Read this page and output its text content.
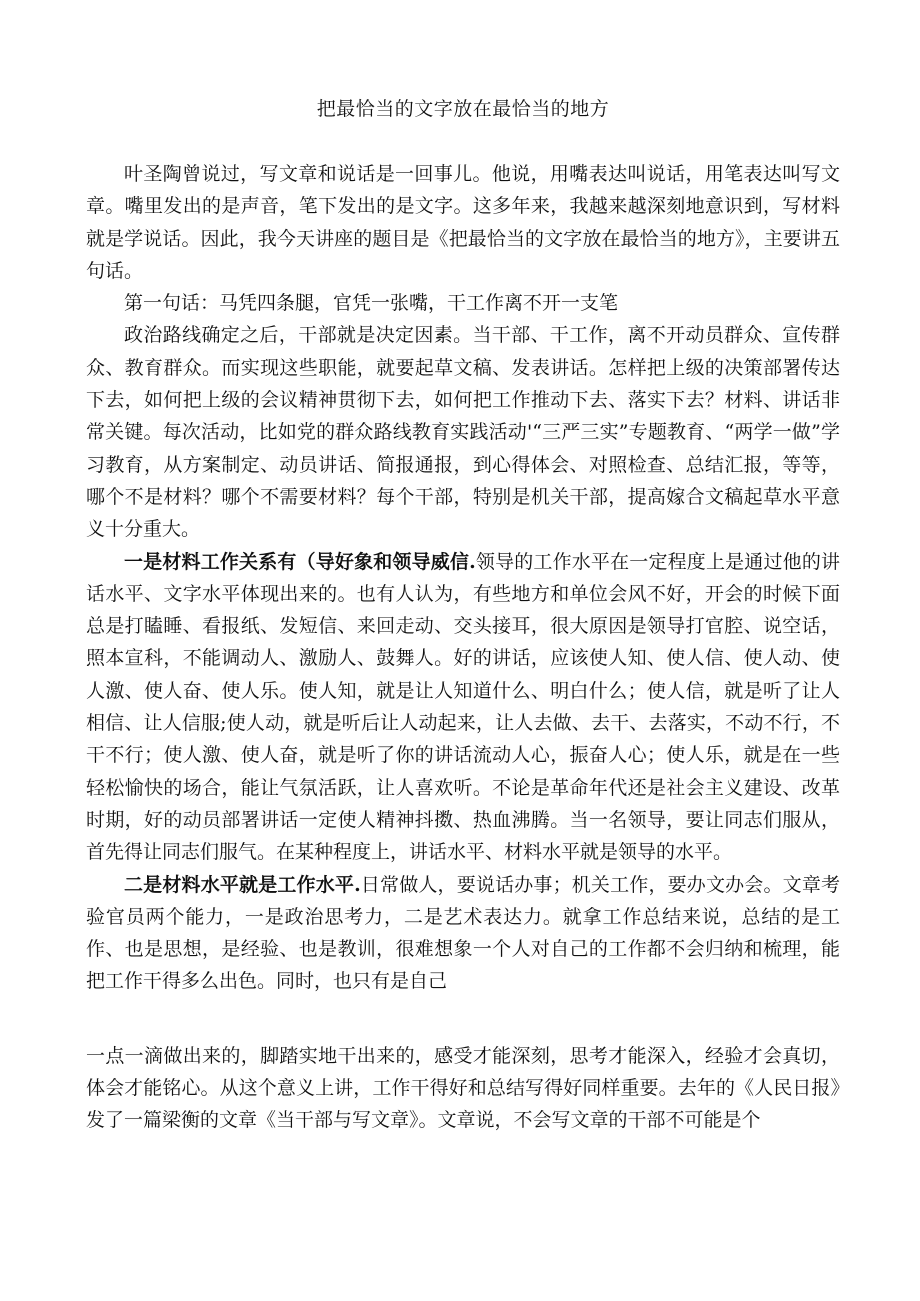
把最恰当的文字放在最恰当的地方

叶圣陶曾说过，写文章和说话是一回事儿。他说，用嘴表达叫说话，用笔表达叫写文章。嘴里发出的是声音，笔下发出的是文字。这多年来，我越来越深刻地意识到，写材料就是学说话。因此，我今天讲座的题目是《把最恰当的文字放在最恰当的地方》，主要讲五句话。

第一句话：马凭四条腿，官凭一张嘴，干工作离不开一支笔

政治路线确定之后，干部就是决定因素。当干部、干工作，离不开动员群众、宣传群众、教育群众。而实现这些职能，就要起草文稿、发表讲话。怎样把上级的决策部署传达下去，如何把上级的会议精神贯彻下去，如何把工作推动下去、落实下去？材料、讲话非常关键。每次活动，比如党的群众路线教育实践活动'“三严三实”专题教育、“两学一做”学习教育，从方案制定、动员讲话、简报通报，到心得体会、对照检查、总结汇报，等等，哪个不是材料？哪个不需要材料？每个干部，特别是机关干部，提高嫁合文稿起草水平意义十分重大。

一是材料工作关系有（导好象和领导威信.领导的工作水平在一定程度上是通过他的讲话水平、文字水平体现出来的。也有人认为，有些地方和单位会风不好，开会的时候下面总是打瞌睡、看报纸、发短信、来回走动、交头接耳，很大原因是领导打官腔、说空话，照本宣科，不能调动人、激励人、鼓舞人。好的讲话，应该使人知、使人信、使人动、使人激、使人奋、使人乐。使人知，就是让人知道什么、明白什么；使人信，就是听了让人相信、让人信服;使人动，就是听后让人动起来，让人去做、去干、去落实，不动不行，不干不行；使人激、使人奋，就是听了你的讲话流动人心，振奋人心；使人乐，就是在一些轻松愉快的场合，能让气氛活跃，让人喜欢听。不论是革命年代还是社会主义建设、改革时期，好的动员部署讲话一定使人精神抖擞、热血沸腾。当一名领导，要让同志们服从，首先得让同志们服气。在某种程度上，讲话水平、材料水平就是领导的水平。

二是材料水平就是工作水平.日常做人，要说话办事；机关工作，要办文办会。文章考验官员两个能力，一是政治思考力，二是艺术表达力。就拿工作总结来说，总结的是工作、也是思想，是经验、也是教训，很难想象一个人对自己的工作都不会归纳和梳理，能把工作干得多么出色。同时，也只有是自己

一点一滴做出来的，脚踏实地干出来的，感受才能深刻，思考才能深入，经验才会真切，体会才能铭心。从这个意义上讲，工作干得好和总结写得好同样重要。去年的《人民日报》发了一篇梁衡的文章《当干部与写文章》。文章说，不会写文章的干部不可能是个
